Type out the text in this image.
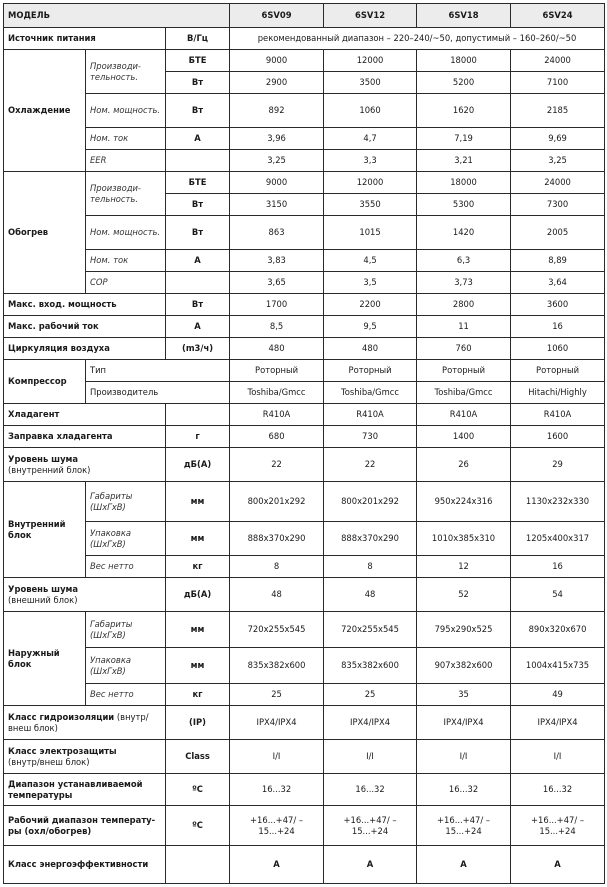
МОДЕЛЬ			6SV09	6SV12	6SV18	6SV24
Источник питания		В/Гц	рекомендованный диапазон – 220–240/~50, допустимый – 160–260/~50			
Охлаждение	Производи-тельность.	БТЕ	9000	12000	18000	24000
		Вт	2900	3500	5200	7100
	Ном. мощность.	Вт	892	1060	1620	2185
	Ном. ток	А	3,96	4,7	7,19	9,69
	EER		3,25	3,3	3,21	3,25
Обогрев	Производи-тельность.	БТЕ	9000	12000	18000	24000
		Вт	3150	3550	5300	7300
	Ном. мощность.	Вт	863	1015	1420	2005
	Ном. ток	А	3,83	4,5	6,3	8,89
	COP		3,65	3,5	3,73	3,64
Макс. вход. мощность		Вт	1700	2200	2800	3600
Макс. рабочий ток		А	8,5	9,5	11	16
Циркуляция воздуха		(m3/ч)	480	480	760	1060
Компрессор	Тип		Роторный	Роторный	Роторный	Роторный
	Производитель		Toshiba/Gmcc	Toshiba/Gmcc	Toshiba/Gmcc	Hitachi/Highly
Хладагент			R410A	R410A	R410A	R410A
Заправка хладагента		г	680	730	1400	1600
Уровень шума
(внутренний блок)		дБ(А)	22	22	26	29
Внутренний блок	Габариты (ШхГхВ)	мм	800x201x292	800x201x292	950x224x316	1130x232x330
	Упаковка (ШхГхВ)	мм	888x370x290	888x370x290	1010x385x310	1205x400x317
	Вес нетто	кг	8	8	12	16
Уровень шума
(внешний блок)		дБ(А)	48	48	52	54
Наружный блок	Габариты (ШхГхВ)	мм	720x255x545	720x255x545	795x290x525	890x320x670
	Упаковка (ШхГхВ)	мм	835x382x600	835x382x600	907x382x600	1004x415x735
	Вес нетто	кг	25	25	35	49
Класс гидроизоляции (внутр/внеш блок)		(IP)	IPX4/IPX4	IPX4/IPX4	IPX4/IPX4	IPX4/IPX4
Класс электрозащиты
(внутр/внеш блок)		Class	I/I	I/I	I/I	I/I
Диапазон устанавливаемой температуры		ºС	16...32	16...32	16...32	16...32
Рабочий диапазон температу-ры (охл/обогрев)		ºС	+16...+47/ –15...+24	+16...+47/ –15...+24	+16...+47/ –15...+24	+16...+47/ –15...+24
Класс энергоэффективности			A	A	A	A
